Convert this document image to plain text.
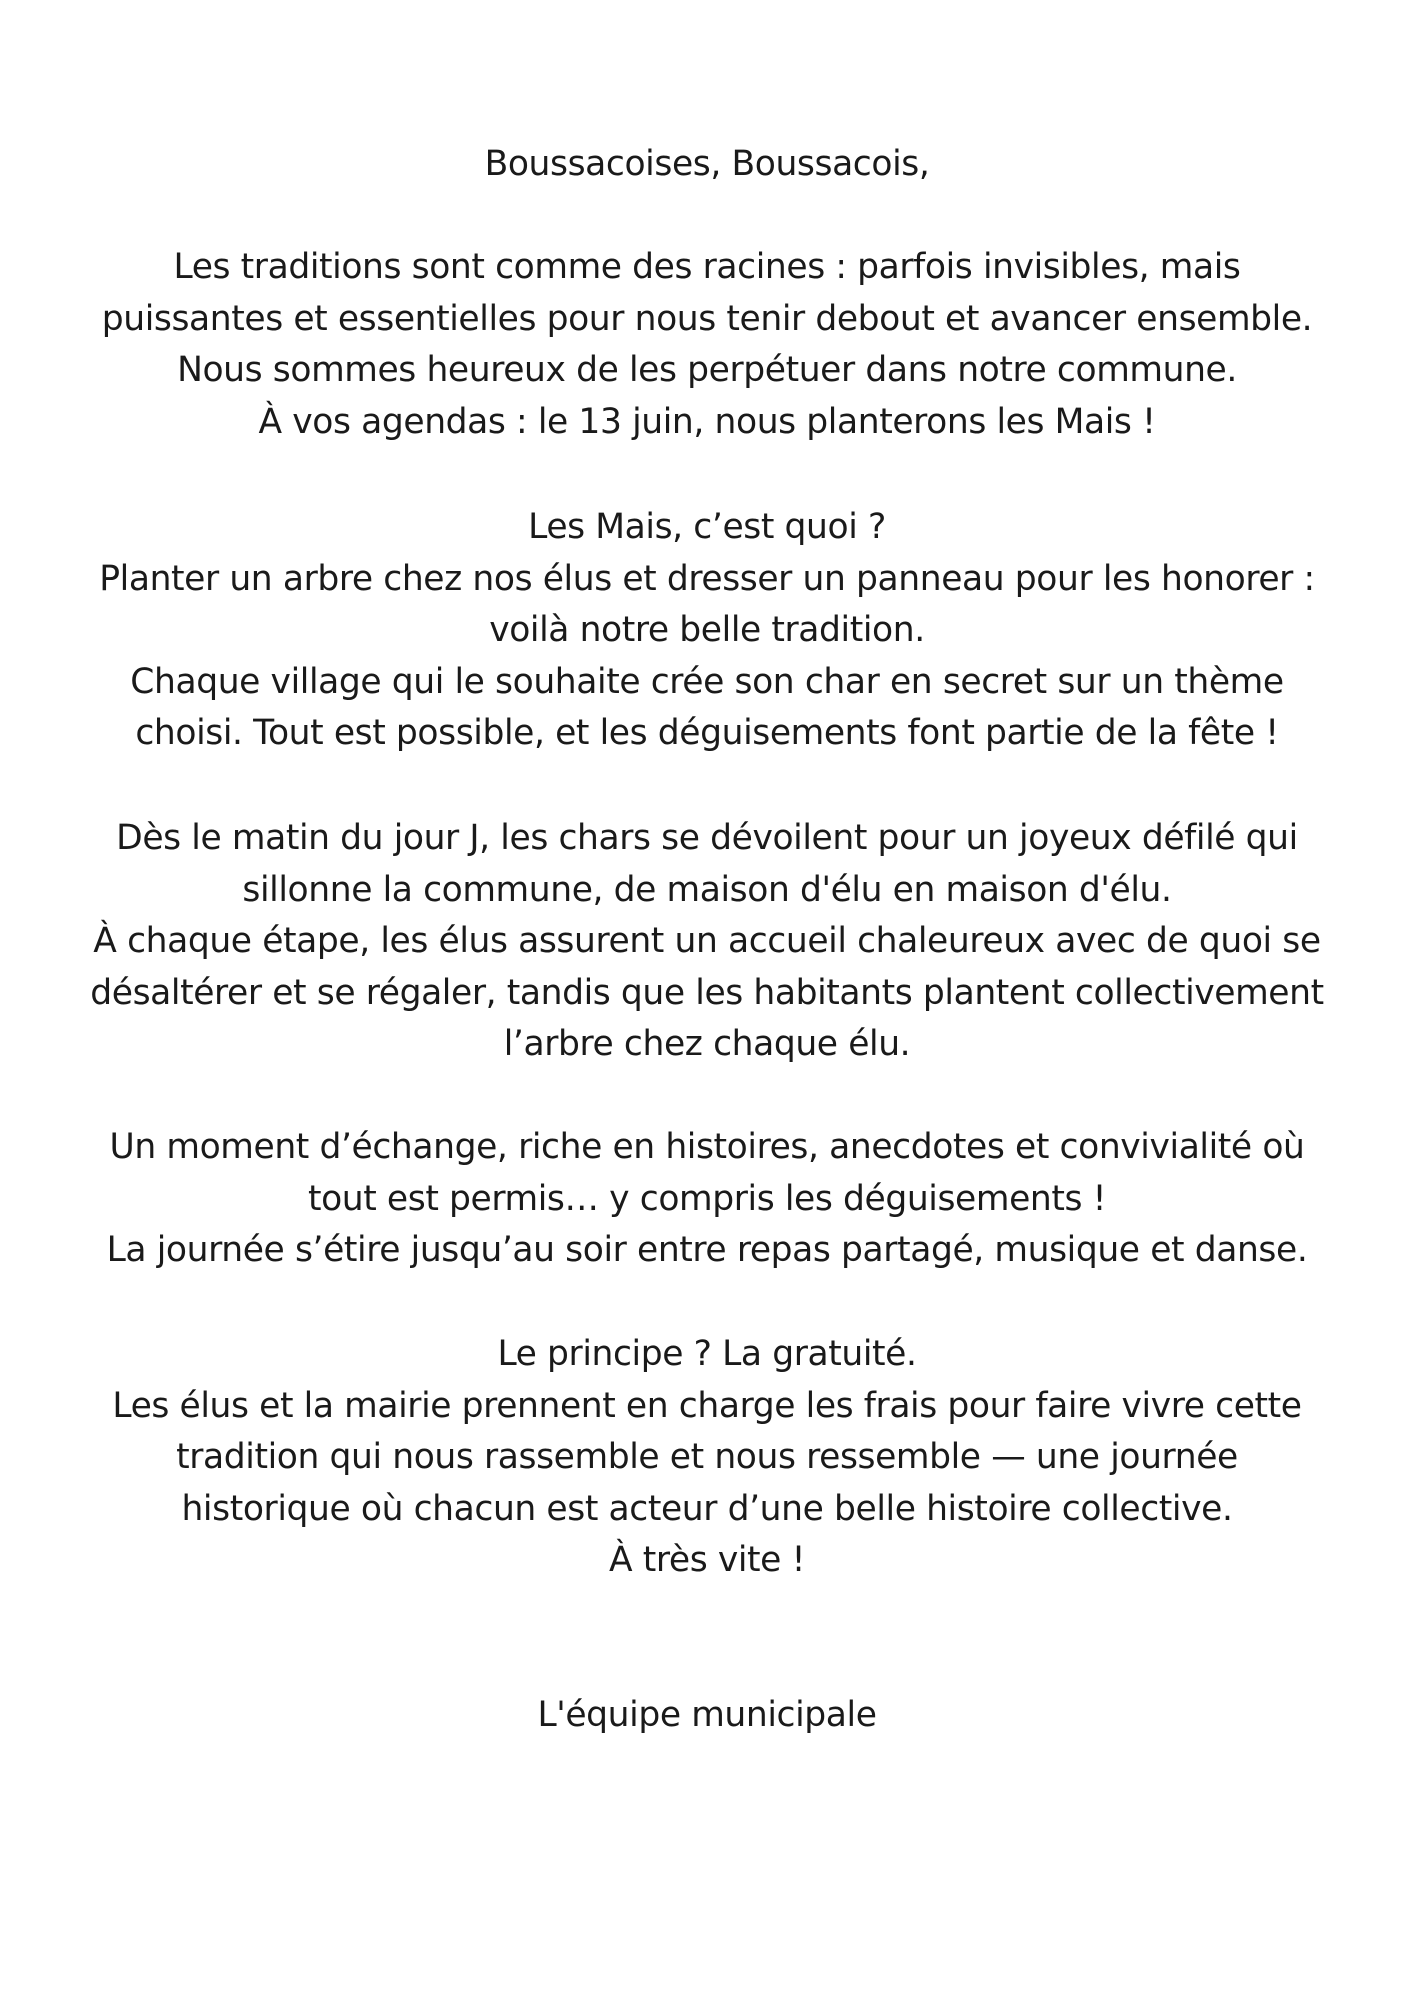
Boussacoises, Boussacois,
Les traditions sont comme des racines : parfois invisibles, mais
puissantes et essentielles pour nous tenir debout et avancer ensemble.
Nous sommes heureux de les perpétuer dans notre commune.
À vos agendas : le 13 juin, nous planterons les Mais !
Les Mais, c’est quoi ?
Planter un arbre chez nos élus et dresser un panneau pour les honorer :
voilà notre belle tradition.
Chaque village qui le souhaite crée son char en secret sur un thème
choisi. Tout est possible, et les déguisements font partie de la fête !
Dès le matin du jour J, les chars se dévoilent pour un joyeux défilé qui
sillonne la commune, de maison d'élu en maison d'élu.
À chaque étape, les élus assurent un accueil chaleureux avec de quoi se
désaltérer et se régaler, tandis que les habitants plantent collectivement
l’arbre chez chaque élu.
Un moment d’échange, riche en histoires, anecdotes et convivialité où
tout est permis… y compris les déguisements !
La journée s’étire jusqu’au soir entre repas partagé, musique et danse.
Le principe ? La gratuité.
Les élus et la mairie prennent en charge les frais pour faire vivre cette
tradition qui nous rassemble et nous ressemble — une journée
historique où chacun est acteur d’une belle histoire collective.
À très vite !
L'équipe municipale
